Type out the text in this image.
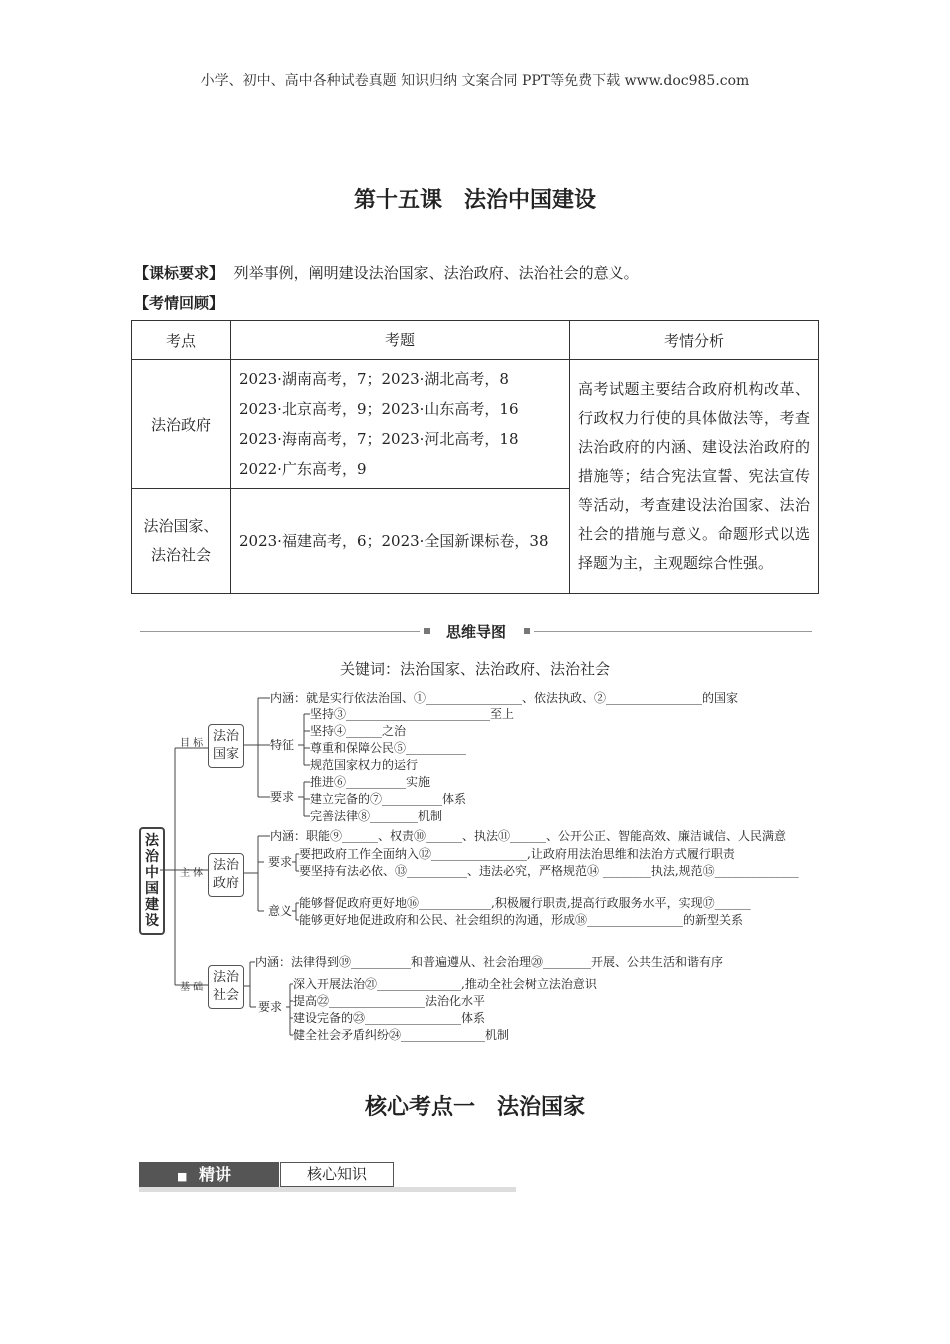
小学、初中、高中各种试卷真题 知识归纳 文案合同 PPT等免费下载 www.doc985.com
第十五课　法治中国建设
【课标要求】 列举事例，阐明建设法治国家、法治政府、法治社会的意义。
【考情回顾】
考点	考题	考情分析
法治政府	2023·湖南高考，7；2023·湖北高考，8
2023·北京高考，9；2023·山东高考，16
2023·海南高考，7；2023·河北高考，18
2022·广东高考，9	高考试题主要结合政府机构改革、行政权力行使的具体做法等，考查法治政府的内涵、建设法治政府的措施等；结合宪法宣誓、宪法宣传等活动，考查建设法治国家、法治社会的措施与意义。命题形式以选择题为主，主观题综合性强。
法治国家、法治社会	2023·福建高考，6；2023·全国新课标卷，38	
思维导图
关键词：法治国家、法治政府、法治社会
法治中国建设
目 标 法治国家
主 体
法治政府
基 础
法治社会
特征
要求
要求
意义
要求
内涵：就是实行依法治国、①________________、依法执政、②________________的国家
坚持③________________________至上
坚持④______之治
尊重和保障公民⑤__________
规范国家权力的运行
推进⑥__________实施
建立完备的⑦__________体系
完善法律⑧________机制
内涵：职能⑨______、权责⑩______、执法⑪______、公开公正、智能高效、廉洁诚信、人民满意
要把政府工作全面纳入⑫________________,让政府用法治思维和法治方式履行职责
要坚持有法必依、⑬__________、违法必究，严格规范⑭ ________执法,规范⑮______________
能够督促政府更好地⑯____________,积极履行职责,提高行政服务水平，实现⑰______
能够更好地促进政府和公民、社会组织的沟通，形成⑱________________的新型关系
内涵：法律得到⑲__________和普遍遵从、社会治理⑳________开展、公共生活和谐有序
深入开展法治㉑______________,推动全社会树立法治意识
提高㉒________________法治化水平
建设完备的㉓________________体系
健全社会矛盾纠纷㉔______________机制
核心考点一　法治国家
■ 精讲	核心知识
